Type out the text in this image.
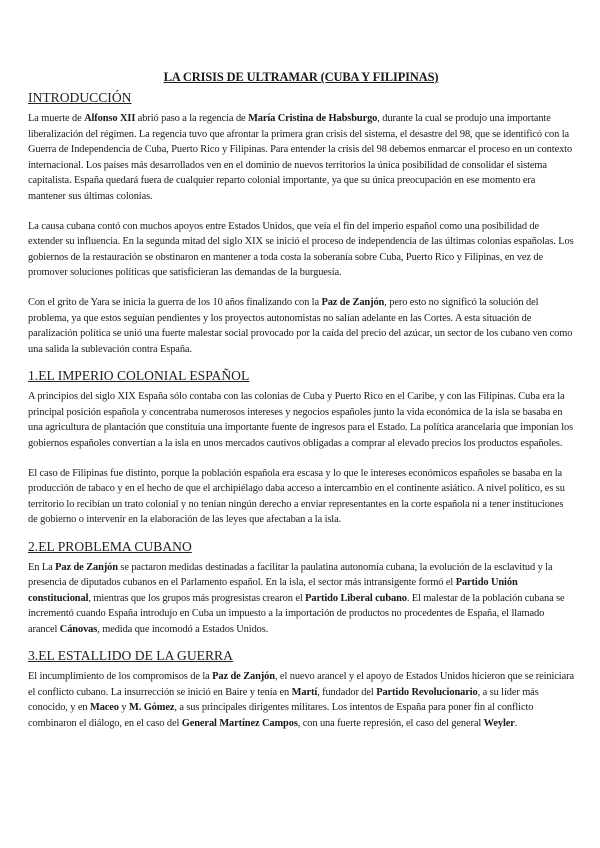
LA CRISIS DE ULTRAMAR (CUBA Y FILIPINAS)
INTRODUCCIÓN

La muerte de Alfonso XII abrió paso a la regencia de María Cristina de Habsburgo, durante la cual se produjo una importante liberalización del régimen. La regencia tuvo que afrontar la primera gran crisis del sistema, el desastre del 98, que se identificó con la Guerra de Independencia de Cuba, Puerto Rico y Filipinas. Para entender la crisis del 98 debemos enmarcar el proceso en un contexto internacional. Los países más desarrollados ven en el dominio de nuevos territorios la única posibilidad de consolidar el sistema capitalista. España quedará fuera de cualquier reparto colonial importante, ya que su única preocupación en ese momento era mantener sus últimas colonias.

La causa cubana contó con muchos apoyos entre Estados Unidos, que veía el fin del imperio español como una posibilidad de extender su influencia. En la segunda mitad del siglo XIX se inició el proceso de independencia de las últimas colonias españolas. Los gobiernos de la restauración se obstinaron en mantener a toda costa la soberanía sobre Cuba, Puerto Rico y Filipinas, en vez de promover soluciones políticas que satisficieran las demandas de la burguesía.

Con el grito de Yara se inicia la guerra de los 10 años finalizando con la Paz de Zanjón, pero esto no significó la solución del problema, ya que estos seguían pendientes y los proyectos autonomistas no salían adelante en las Cortes. A esta situación de paralización política se unió una fuerte malestar social provocado por la caída del precio del azúcar, un sector de los cubano ven como una salida la sublevación contra España.

1.EL IMPERIO COLONIAL ESPAÑOL

A principios del siglo XIX España sólo contaba con las colonias de Cuba y Puerto Rico en el Caribe, y con las Filipinas. Cuba era la principal posición española y concentraba numerosos intereses y negocios españoles junto la vida económica de la isla se basaba en una agricultura de plantación que constituía una importante fuente de ingresos para el Estado. La política arancelaria que imponían los gobiernos españoles convertían a la isla en unos mercados cautivos obligadas a comprar al elevado precios los productos españoles.

El caso de Filipinas fue distinto, porque la población española era escasa y lo que le intereses económicos españoles se basaba en la producción de tabaco y en el hecho de que el archipiélago daba acceso a intercambio en el continente asiático. A nivel político, es su territorio lo recibían un trato colonial y no tenían ningún derecho a enviar representantes en la corte española ni a tener instituciones de gobierno o intervenir en la elaboración de las leyes que afectaban a la isla.

2.EL PROBLEMA CUBANO

En La Paz de Zanjón se pactaron medidas destinadas a facilitar la paulatina autonomía cubana, la evolución de la esclavitud y la presencia de diputados cubanos en el Parlamento español. En la isla, el sector más intransigente formó el Partido Unión constitucional, mientras que los grupos más progresistas crearon el Partido Liberal cubano. El malestar de la población cubana se incrementó cuando España introdujo en Cuba un impuesto a la importación de productos no procedentes de España, el llamado arancel Cánovas, medida que incomodó a Estados Unidos.

3.EL ESTALLIDO DE LA GUERRA

El incumplimiento de los compromisos de la Paz de Zanjón, el nuevo arancel y el apoyo de Estados Unidos hicieron que se reiniciara el conflicto cubano. La insurrección se inició en Baire y tenía en Martí, fundador del Partido Revolucionario, a su líder más conocido, y en Maceo y M. Gómez, a sus principales dirigentes militares. Los intentos de España para poner fin al conflicto combinaron el diálogo, en el caso del General Martínez Campos, con una fuerte represión, el caso del general Weyler.
